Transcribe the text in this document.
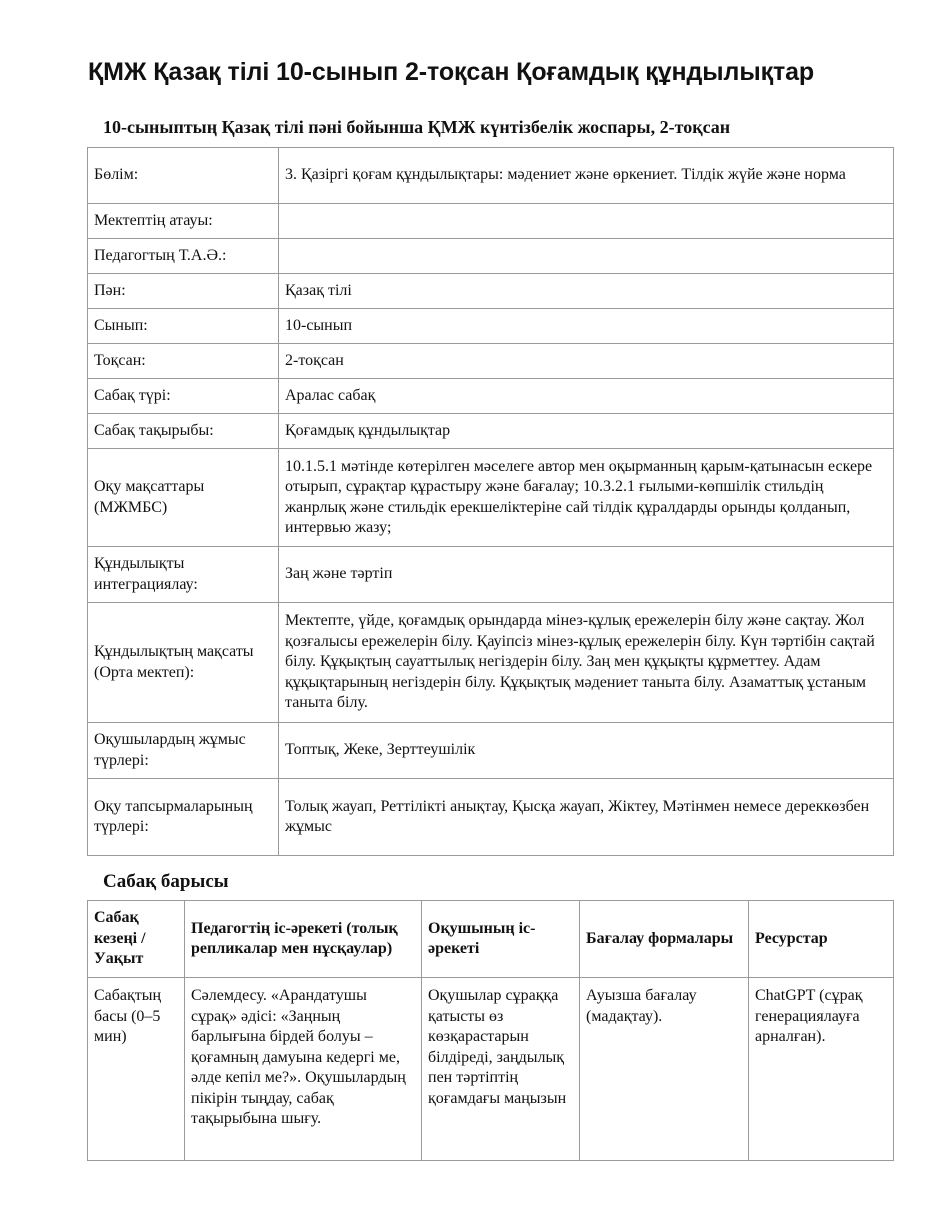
ҚМЖ Қазақ тілі 10-сынып 2-тоқсан Қоғамдық құндылықтар
10-сыныптың Қазақ тілі пәні бойынша ҚМЖ күнтізбелік жоспары, 2-тоқсан
Бөлім:	3. Қазіргі қоғам құндылықтары: мәдениет және өркениет. Тілдік жүйе және норма
Мектептің атауы:	
Педагогтың Т.А.Ә.:	
Пән:	Қазақ тілі
Сынып:	10-сынып
Тоқсан:	2-тоқсан
Сабақ түрі:	Аралас сабақ
Сабақ тақырыбы:	Қоғамдық құндылықтар
Оқу мақсаттары (МЖМБС)	10.1.5.1 мәтінде көтерілген мәселеге автор мен оқырманның қарым-қатынасын ескере отырып, сұрақтар құрастыру және бағалау; 10.3.2.1 ғылыми-көпшілік стильдің жанрлық және стильдік ерекшеліктеріне сай тілдік құралдарды орынды қолданып, интервью жазу;
Құндылықты интеграциялау:	Заң және тәртіп
Құндылықтың мақсаты (Орта мектеп):	Мектепте, үйде, қоғамдық орындарда мінез-құлық ережелерін білу және сақтау. Жол қозғалысы ережелерін білу. Қауіпсіз мінез-құлық ережелерін білу. Күн тәртібін сақтай білу. Құқықтың сауаттылық негіздерін білу. Заң мен құқықты құрметтеу. Адам құқықтарының негіздерін білу. Құқықтық мәдениет таныта білу. Азаматтық ұстаным таныта білу.
Оқушылардың жұмыс түрлері:	Топтық, Жеке, Зерттеушілік
Оқу тапсырмаларының түрлері:	Толық жауап, Реттілікті анықтау, Қысқа жауап, Жіктеу, Мәтінмен немесе дереккөзбен жұмыс
Сабақ барысы
Сабақ кезеңі / Уақыт	Педагогтің іс-әрекеті (толық репликалар мен нұсқаулар)	Оқушының іс-әрекеті	Бағалау формалары	Ресурстар
Сабақтың басы (0–5 мин)	Сәлемдесу. «Арандатушы сұрақ» әдісі: «Заңның барлығына бірдей болуы – қоғамның дамуына кедергі ме, әлде кепіл ме?». Оқушылардың пікірін тыңдау, сабақ тақырыбына шығу.	Оқушылар сұраққа қатысты өз көзқарастарын білдіреді, заңдылық пен тәртіптің қоғамдағы маңызын	Ауызша бағалау (мадақтау).	ChatGPT (сұрақ генерациялауға арналған).
